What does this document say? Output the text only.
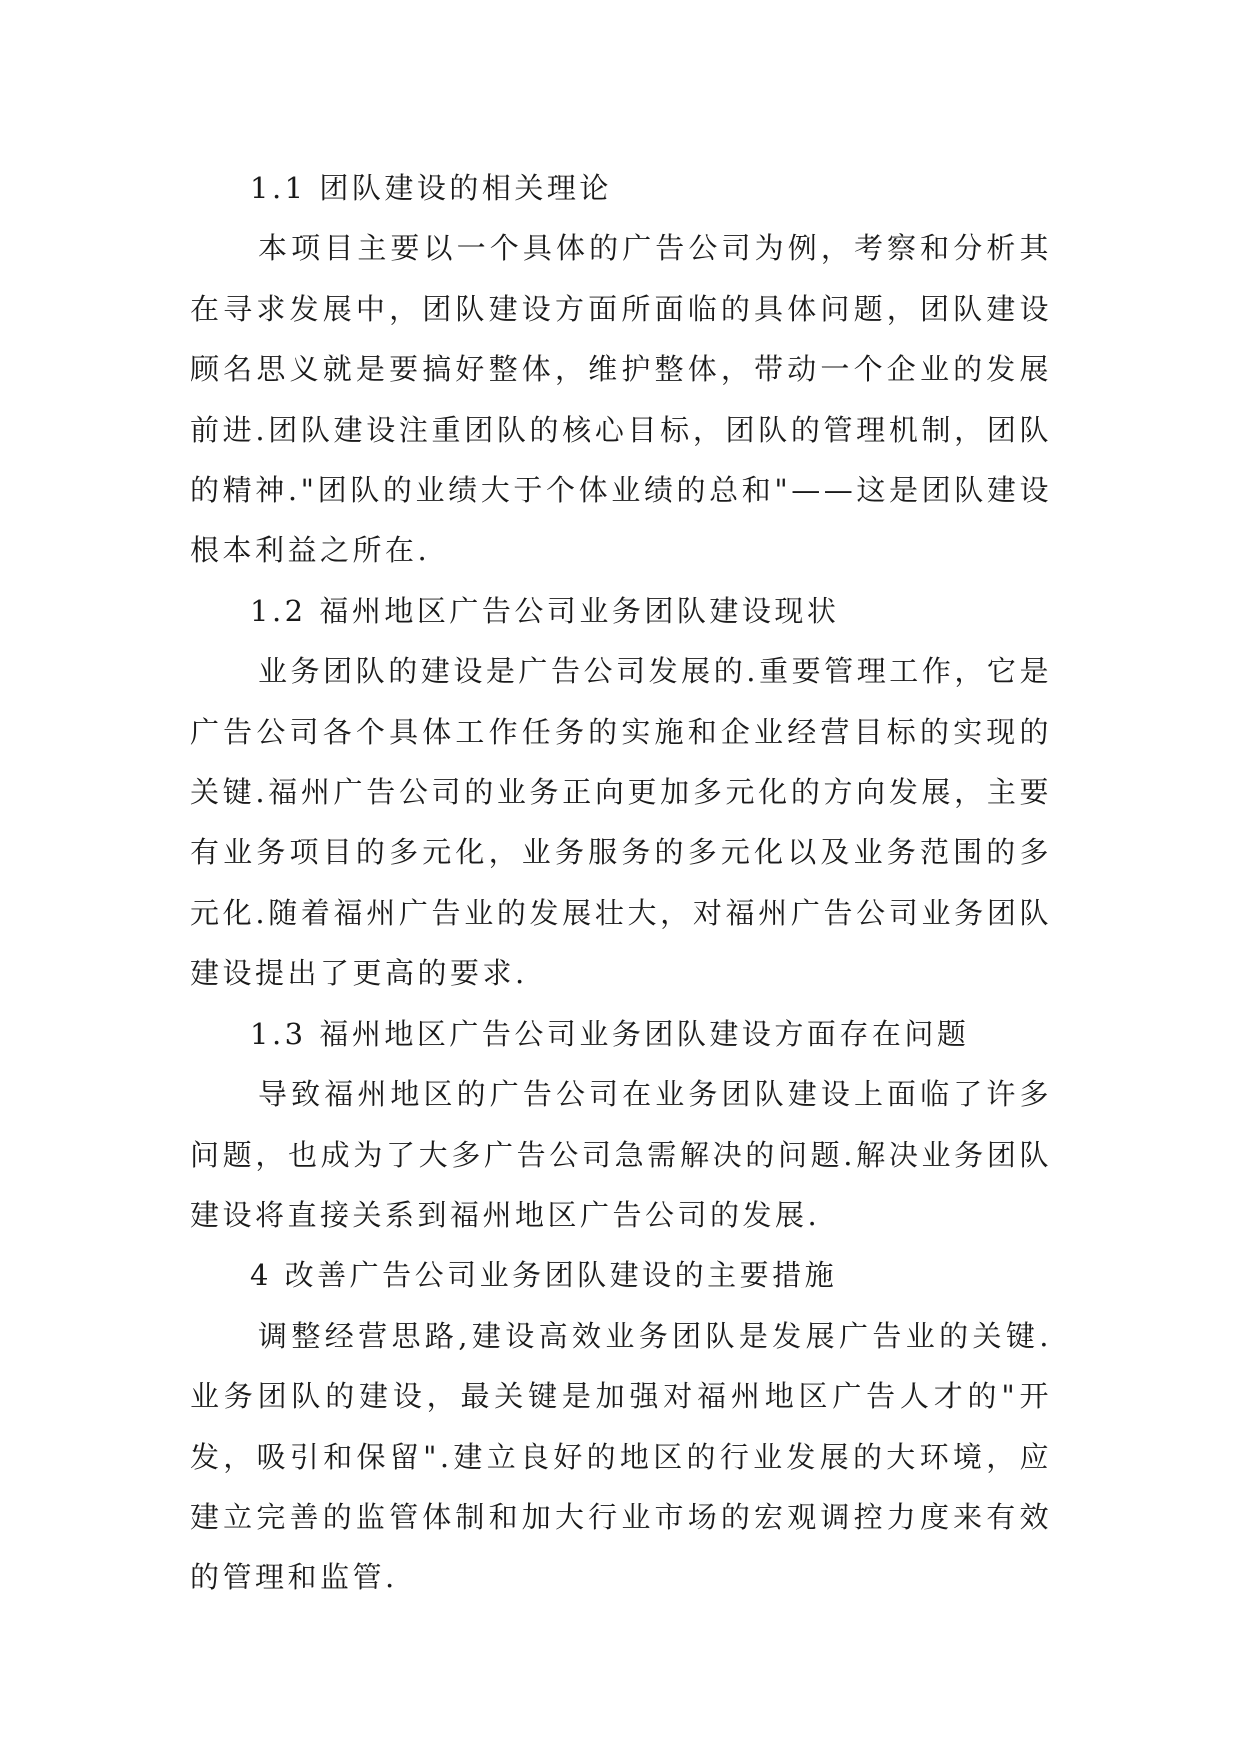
1.1 团队建设的相关理论

本项目主要以一个具体的广告公司为例，考察和分析其在寻求发展中，团队建设方面所面临的具体问题，团队建设顾名思义就是要搞好整体，维护整体，带动一个企业的发展前进.团队建设注重团队的核心目标，团队的管理机制，团队的精神."团队的业绩大于个体业绩的总和"——这是团队建设根本利益之所在.

1.2 福州地区广告公司业务团队建设现状

业务团队的建设是广告公司发展的.重要管理工作，它是广告公司各个具体工作任务的实施和企业经营目标的实现的关键.福州广告公司的业务正向更加多元化的方向发展，主要有业务项目的多元化，业务服务的多元化以及业务范围的多元化.随着福州广告业的发展壮大，对福州广告公司业务团队建设提出了更高的要求.

1.3 福州地区广告公司业务团队建设方面存在问题

导致福州地区的广告公司在业务团队建设上面临了许多问题，也成为了大多广告公司急需解决的问题.解决业务团队建设将直接关系到福州地区广告公司的发展.

4 改善广告公司业务团队建设的主要措施

调整经营思路,建设高效业务团队是发展广告业的关键.业务团队的建设，最关键是加强对福州地区广告人才的"开发，吸引和保留".建立良好的地区的行业发展的大环境，应建立完善的监管体制和加大行业市场的宏观调控力度来有效的管理和监管.
